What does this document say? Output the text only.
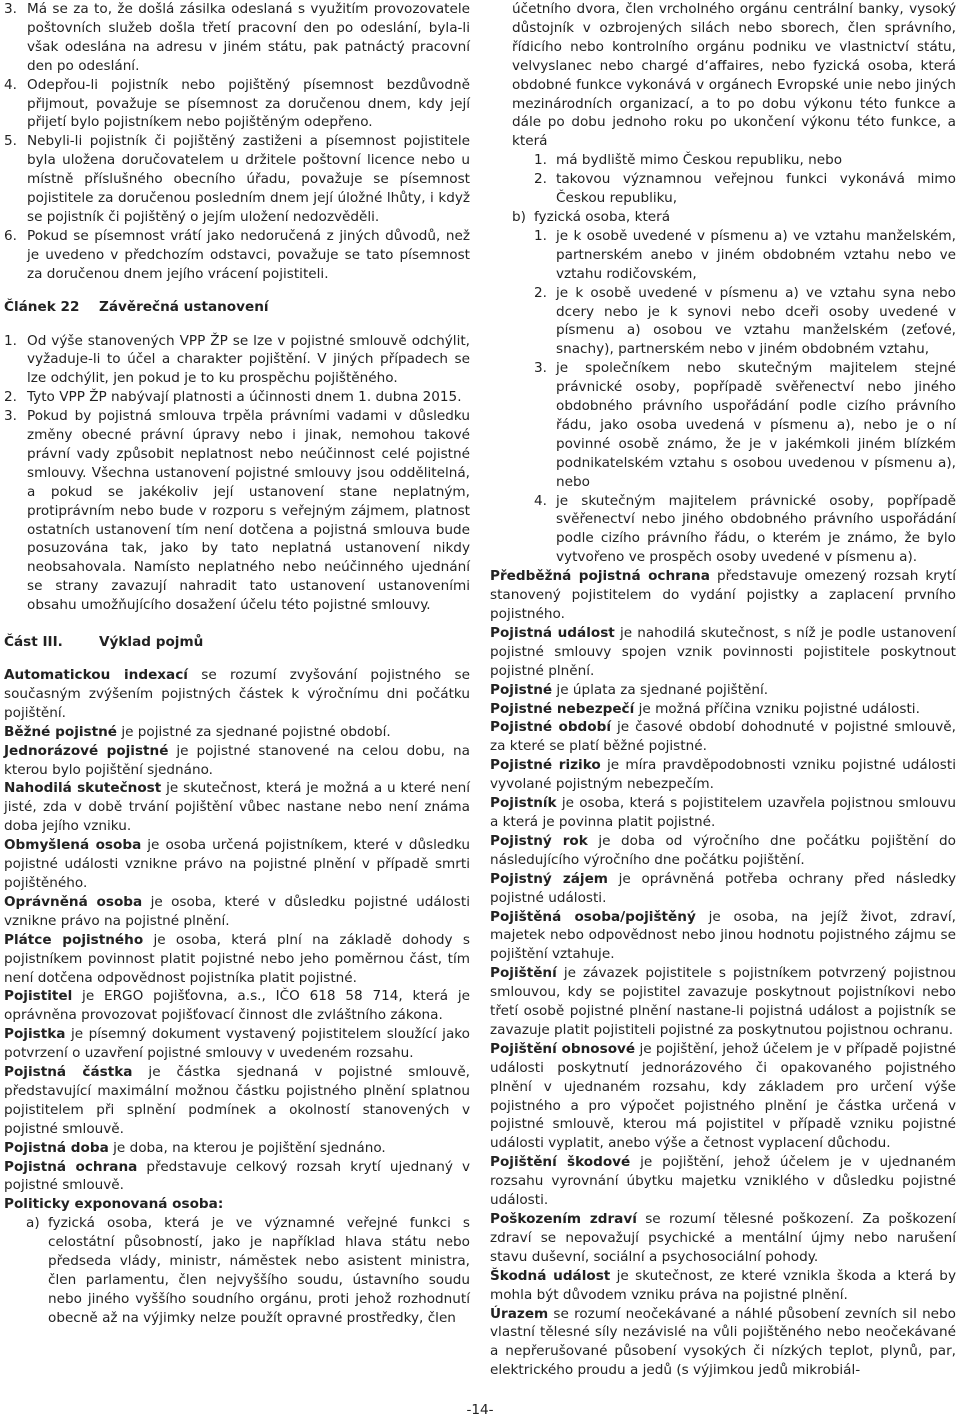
3. Má se za to, že došlá zásilka odeslaná s využitím provozovatele poštovních služeb došla třetí pracovní den po odeslání, byla-li však odeslána na adresu v jiném státu, pak patnáctý pracovní den po odeslání.
4. Odepřou-li pojistník nebo pojištěný písemnost bezdůvodně přijmout, považuje se písemnost za doručenou dnem, kdy její přijetí bylo pojistníkem nebo pojištěným odepřeno.
5. Nebyli-li pojistník či pojištěný zastiženi a písemnost pojistitele byla uložena doručovatelem u držitele poštovní licence nebo u místně příslušného obecního úřadu, považuje se písemnost pojistitele za doručenou posledním dnem její úložné lhůty, i když se pojistník či pojištěný o jejím uložení nedozvěděli.
6. Pokud se písemnost vrátí jako nedoručená z jiných důvodů, než je uvedeno v předchozím odstavci, považuje se tato písemnost za doručenou dnem jejího vrácení pojistiteli.
Článek 22	Závěrečná ustanovení
1. Od výše stanovených VPP ŽP se lze v pojistné smlouvě odchýlit, vyžaduje-li to účel a charakter pojištění. V jiných případech se lze odchýlit, jen pokud je to ku prospěchu pojištěného.
2. Tyto VPP ŽP nabývají platnosti a účinnosti dnem 1. dubna 2015.
3. Pokud by pojistná smlouva trpěla právními vadami v důsledku změny obecné právní úpravy nebo i jinak, nemohou takové právní vady způsobit neplatnost nebo neúčinnost celé pojistné smlouvy. Všechna ustanovení pojistné smlouvy jsou oddělitelná, a pokud se jakékoliv její ustanovení stane neplatným, protiprávním nebo bude v rozporu s veřejným zájmem, platnost ostatních ustanovení tím není dotčena a pojistná smlouva bude posuzována tak, jako by tato neplatná ustanovení nikdy neobsahovala. Namísto neplatného nebo neúčinného ujednání se strany zavazují nahradit tato ustanovení ustanoveními obsahu umožňujícího dosažení účelu této pojistné smlouvy.
Část III.	Výklad pojmů

Automatickou indexací se rozumí zvyšování pojistného se současným zvýšením pojistných částek k výročnímu dni počátku pojištění.

Běžné pojistné je pojistné za sjednané pojistné období.

Jednorázové pojistné je pojistné stanovené na celou dobu, na kterou bylo pojištění sjednáno.

Nahodilá skutečnost je skutečnost, která je možná a u které není jisté, zda v době trvání pojištění vůbec nastane nebo není známa doba jejího vzniku.

Obmyšlená osoba je osoba určená pojistníkem, které v důsledku pojistné události vznikne právo na pojistné plnění v případě smrti pojištěného.

Oprávněná osoba je osoba, které v důsledku pojistné události vznikne právo na pojistné plnění.

Plátce pojistného je osoba, která plní na základě dohody s pojistníkem povinnost platit pojistné nebo jeho poměrnou část, tím není dotčena odpovědnost pojistníka platit pojistné.

Pojistitel je ERGO pojišťovna, a.s., IČO 618 58 714, která je oprávněna provozovat pojišťovací činnost dle zvláštního zákona.

Pojistka je písemný dokument vystavený pojistitelem sloužící jako potvrzení o uzavření pojistné smlouvy v uvedeném rozsahu.

Pojistná částka je částka sjednaná v pojistné smlouvě, představující maximální možnou částku pojistného plnění splatnou pojistitelem při splnění podmínek a okolností stanovených v pojistné smlouvě.

Pojistná doba je doba, na kterou je pojištění sjednáno.

Pojistná ochrana představuje celkový rozsah krytí ujednaný v pojistné smlouvě.

Politicky exponovaná osoba:

a) fyzická osoba, která je ve významné veřejné funkci s celostátní působností, jako je například hlava státu nebo předseda vlády, ministr, náměstek nebo asistent ministra, člen parlamentu, člen nejvyššího soudu, ústavního soudu nebo jiného vyššího soudního orgánu, proti jehož rozhodnutí obecně až na výjimky nelze použít opravné prostředky, člen

účetního dvora, člen vrcholného orgánu centrální banky, vysoký důstojník v ozbrojených silách nebo sborech, člen správního, řídicího nebo kontrolního orgánu podniku ve vlastnictví státu, velvyslanec nebo chargé d‘affaires, nebo fyzická osoba, která obdobné funkce vykonává v orgánech Evropské unie nebo jiných mezinárodních organizací, a to po dobu výkonu této funkce a dále po dobu jednoho roku po ukončení výkonu této funkce, a která

1. má bydliště mimo Českou republiku, nebo
2. takovou významnou veřejnou funkci vykonává mimo Českou republiku,
b) fyzická osoba, která
1. je k osobě uvedené v písmenu a) ve vztahu manželském, partnerském anebo v jiném obdobném vztahu nebo ve vztahu rodičovském,
2. je k osobě uvedené v písmenu a) ve vztahu syna nebo dcery nebo je k synovi nebo dceři osoby uvedené v písmenu a) osobou ve vztahu manželském (zeťové, snachy), partnerském nebo v jiném obdobném vztahu,
3. je společníkem nebo skutečným majitelem stejné právnické osoby, popřípadě svěřenectví nebo jiného obdobného právního uspořádání podle cizího právního řádu, jako osoba uvedená v písmenu a), nebo je o ní povinné osobě známo, že je v jakémkoli jiném blízkém podnikatelském vztahu s osobou uvedenou v písmenu a), nebo
4. je skutečným majitelem právnické osoby, popřípadě svěřenectví nebo jiného obdobného právního uspořádání podle cizího právního řádu, o kterém je známo, že bylo vytvořeno ve prospěch osoby uvedené v písmenu a).

Předběžná pojistná ochrana představuje omezený rozsah krytí stanovený pojistitelem do vydání pojistky a zaplacení prvního pojistného.

Pojistná událost je nahodilá skutečnost, s níž je podle ustanovení pojistné smlouvy spojen vznik povinnosti pojistitele poskytnout pojistné plnění.

Pojistné je úplata za sjednané pojištění.

Pojistné nebezpečí je možná příčina vzniku pojistné události.

Pojistné období je časové období dohodnuté v pojistné smlouvě, za které se platí běžné pojistné.

Pojistné riziko je míra pravděpodobnosti vzniku pojistné události vyvolané pojistným nebezpečím.

Pojistník je osoba, která s pojistitelem uzavřela pojistnou smlouvu a která je povinna platit pojistné.

Pojistný rok je doba od výročního dne počátku pojištění do následujícího výročního dne počátku pojištění.

Pojistný zájem je oprávněná potřeba ochrany před následky pojistné události.

Pojištěná osoba/pojištěný je osoba, na jejíž život, zdraví, majetek nebo odpovědnost nebo jinou hodnotu pojistného zájmu se pojištění vztahuje.

Pojištění je závazek pojistitele s pojistníkem potvrzený pojistnou smlouvou, kdy se pojistitel zavazuje poskytnout pojistníkovi nebo třetí osobě pojistné plnění nastane-li pojistná událost a pojistník se zavazuje platit pojistiteli pojistné za poskytnutou pojistnou ochranu.

Pojištění obnosové je pojištění, jehož účelem je v případě pojistné události poskytnutí jednorázového či opakovaného pojistného plnění v ujednaném rozsahu, kdy základem pro určení výše pojistného a pro výpočet pojistného plnění je částka určená v pojistné smlouvě, kterou má pojistitel v případě vzniku pojistné události vyplatit, anebo výše a četnost vyplacení důchodu.

Pojištění škodové je pojištění, jehož účelem je v ujednaném rozsahu vyrovnání úbytku majetku vzniklého v důsledku pojistné události.

Poškozením zdraví se rozumí tělesné poškození. Za poškození zdraví se nepovažují psychické a mentální újmy nebo narušení stavu duševní, sociální a psychosociální pohody.

Škodná událost je skutečnost, ze které vznikla škoda a která by mohla být důvodem vzniku práva na pojistné plnění.

Úrazem se rozumí neočekávané a náhlé působení zevních sil nebo vlastní tělesné síly nezávislé na vůli pojištěného nebo neočekávané a nepřerušované působení vysokých či nízkých teplot, plynů, par, elektrického proudu a jedů (s výjimkou jedů mikrobiál-

-14-
